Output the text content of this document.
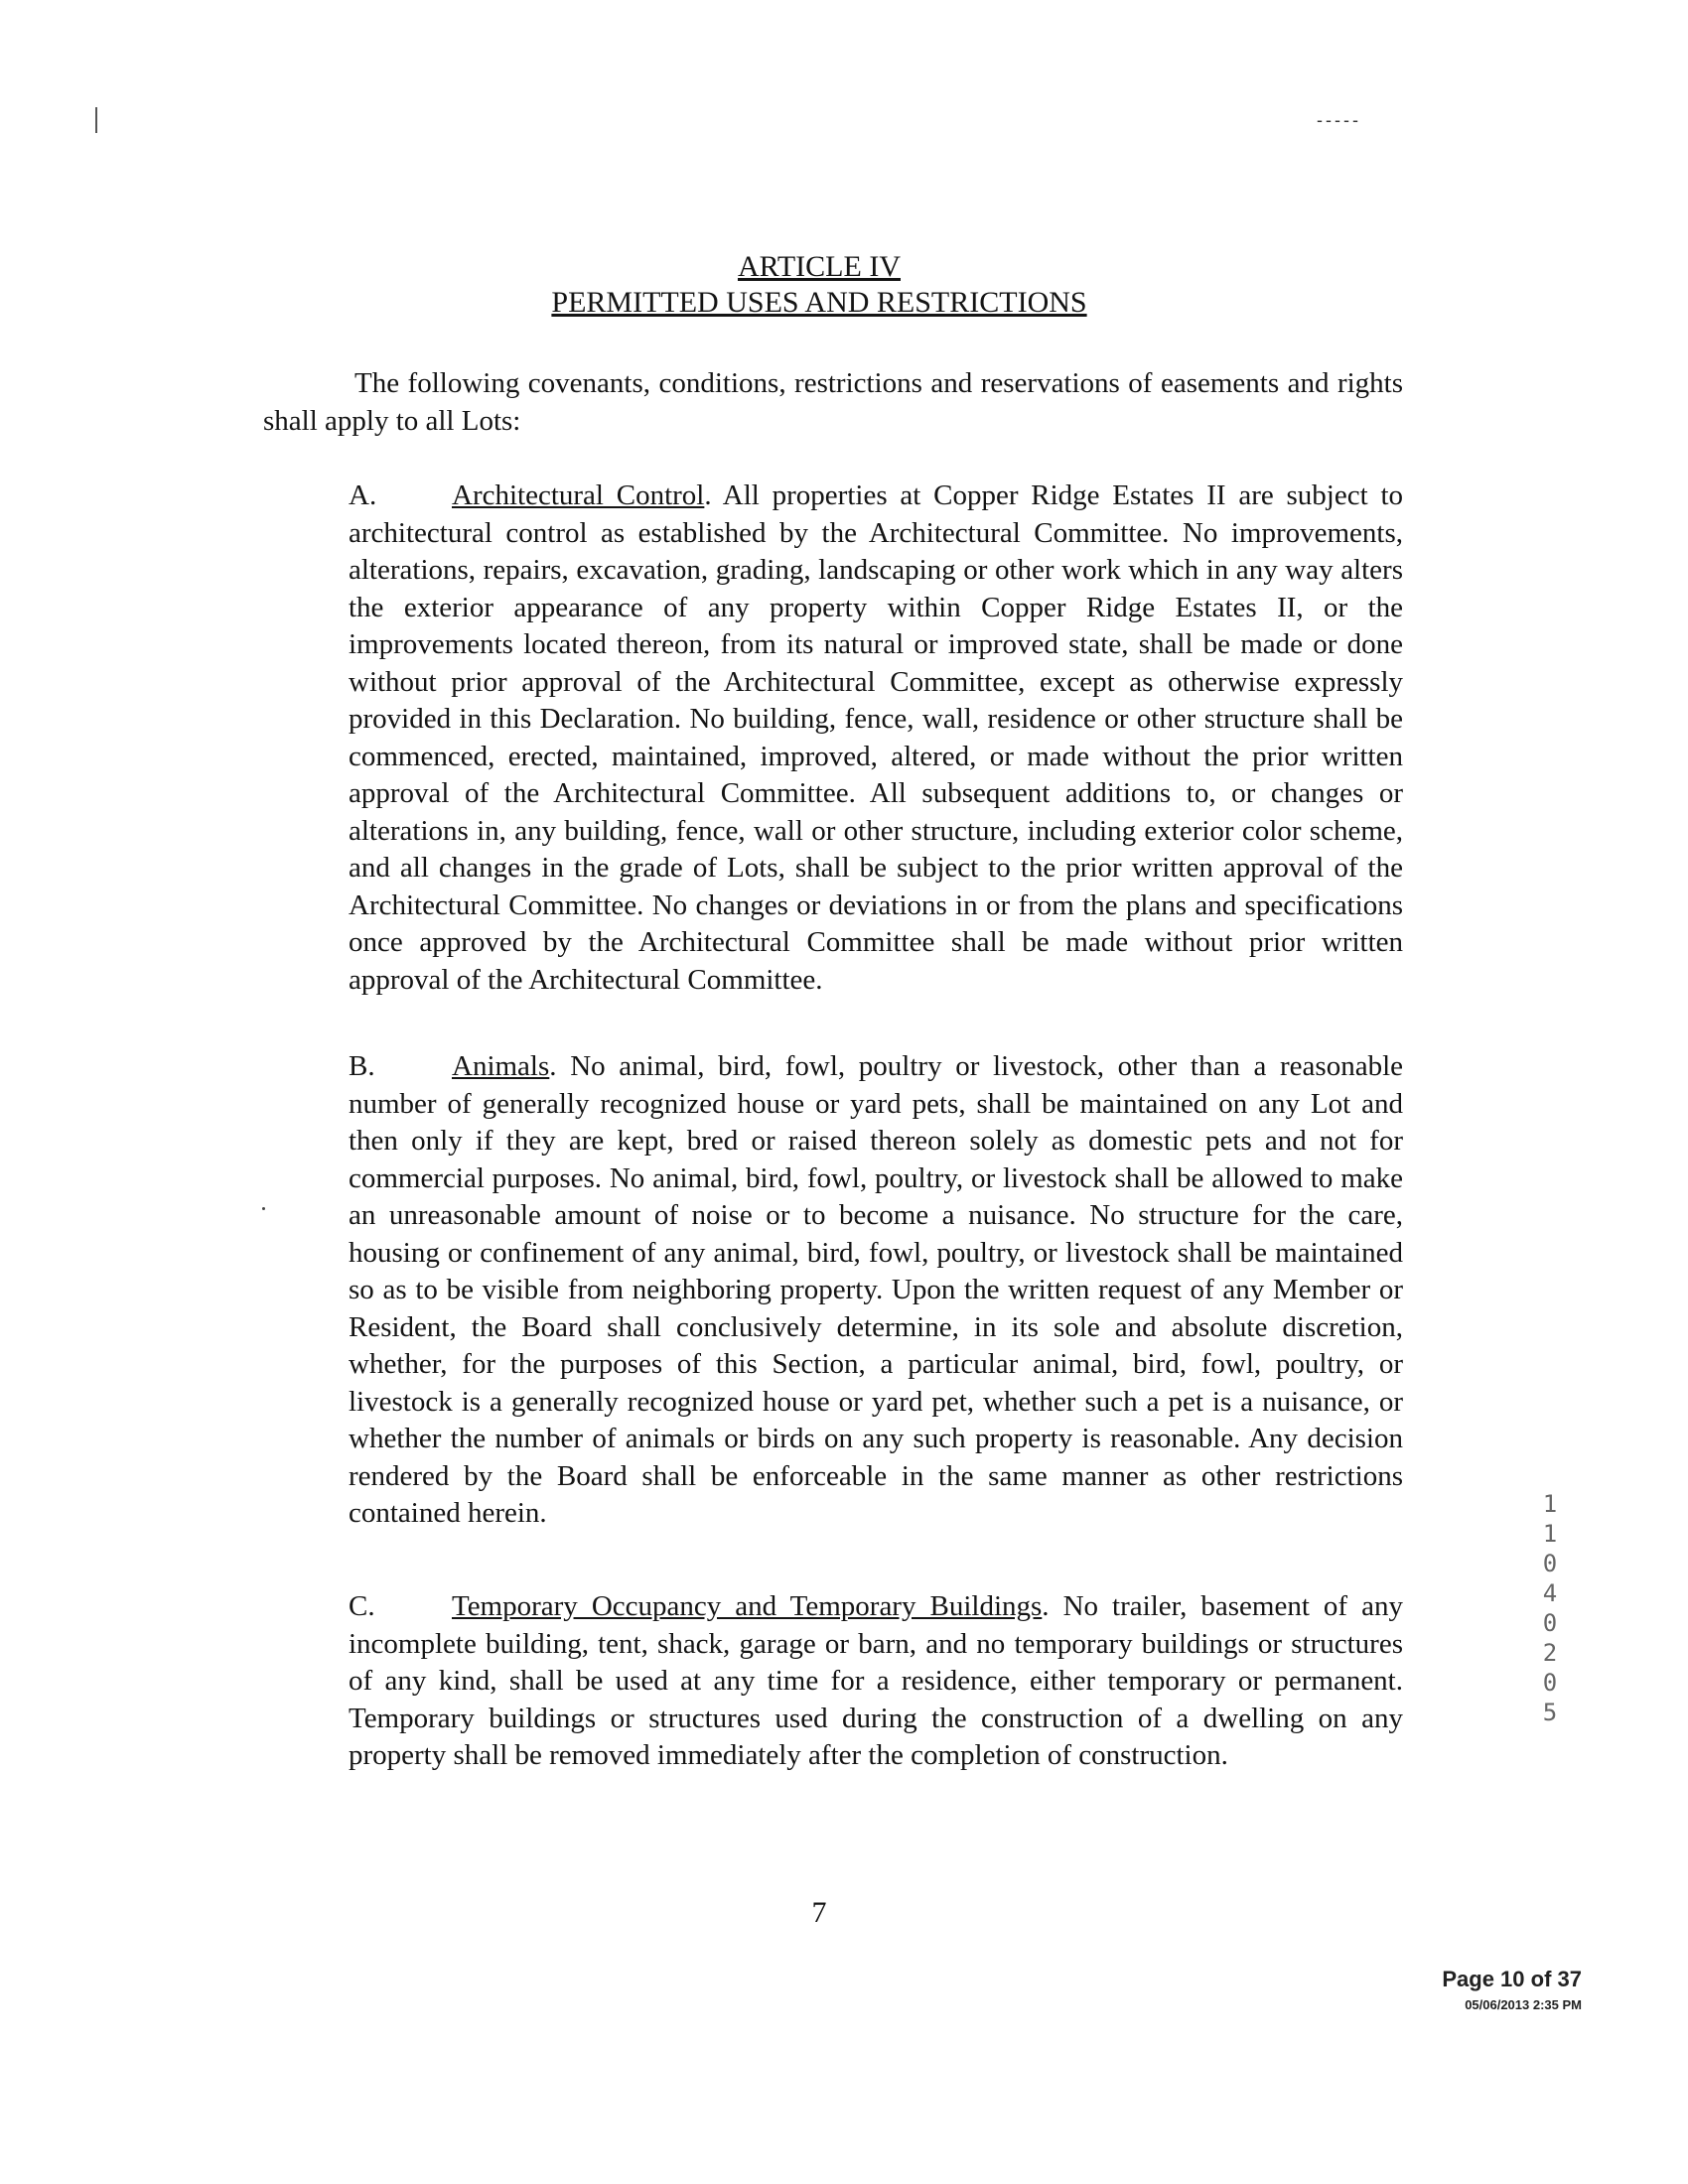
-----
ARTICLE IV
PERMITTED USES AND RESTRICTIONS
The following covenants, conditions, restrictions and reservations of easements and rights shall apply to all Lots:
A.	Architectural Control. All properties at Copper Ridge Estates II are subject to architectural control as established by the Architectural Committee. No improvements, alterations, repairs, excavation, grading, landscaping or other work which in any way alters the exterior appearance of any property within Copper Ridge Estates II, or the improvements located thereon, from its natural or improved state, shall be made or done without prior approval of the Architectural Committee, except as otherwise expressly provided in this Declaration. No building, fence, wall, residence or other structure shall be commenced, erected, maintained, improved, altered, or made without the prior written approval of the Architectural Committee. All subsequent additions to, or changes or alterations in, any building, fence, wall or other structure, including exterior color scheme, and all changes in the grade of Lots, shall be subject to the prior written approval of the Architectural Committee. No changes or deviations in or from the plans and specifications once approved by the Architectural Committee shall be made without prior written approval of the Architectural Committee.
B.	Animals. No animal, bird, fowl, poultry or livestock, other than a reasonable number of generally recognized house or yard pets, shall be maintained on any Lot and then only if they are kept, bred or raised thereon solely as domestic pets and not for commercial purposes. No animal, bird, fowl, poultry, or livestock shall be allowed to make an unreasonable amount of noise or to become a nuisance. No structure for the care, housing or confinement of any animal, bird, fowl, poultry, or livestock shall be maintained so as to be visible from neighboring property. Upon the written request of any Member or Resident, the Board shall conclusively determine, in its sole and absolute discretion, whether, for the purposes of this Section, a particular animal, bird, fowl, poultry, or livestock is a generally recognized house or yard pet, whether such a pet is a nuisance, or whether the number of animals or birds on any such property is reasonable. Any decision rendered by the Board shall be enforceable in the same manner as other restrictions contained herein.
C.	Temporary Occupancy and Temporary Buildings. No trailer, basement of any incomplete building, tent, shack, garage or barn, and no temporary buildings or structures of any kind, shall be used at any time for a residence, either temporary or permanent. Temporary buildings or structures used during the construction of a dwelling on any property shall be removed immediately after the completion of construction.
7
Page 10 of 37
05/06/2013 2:35 PM
1
1
0
4
0
2
0
5
